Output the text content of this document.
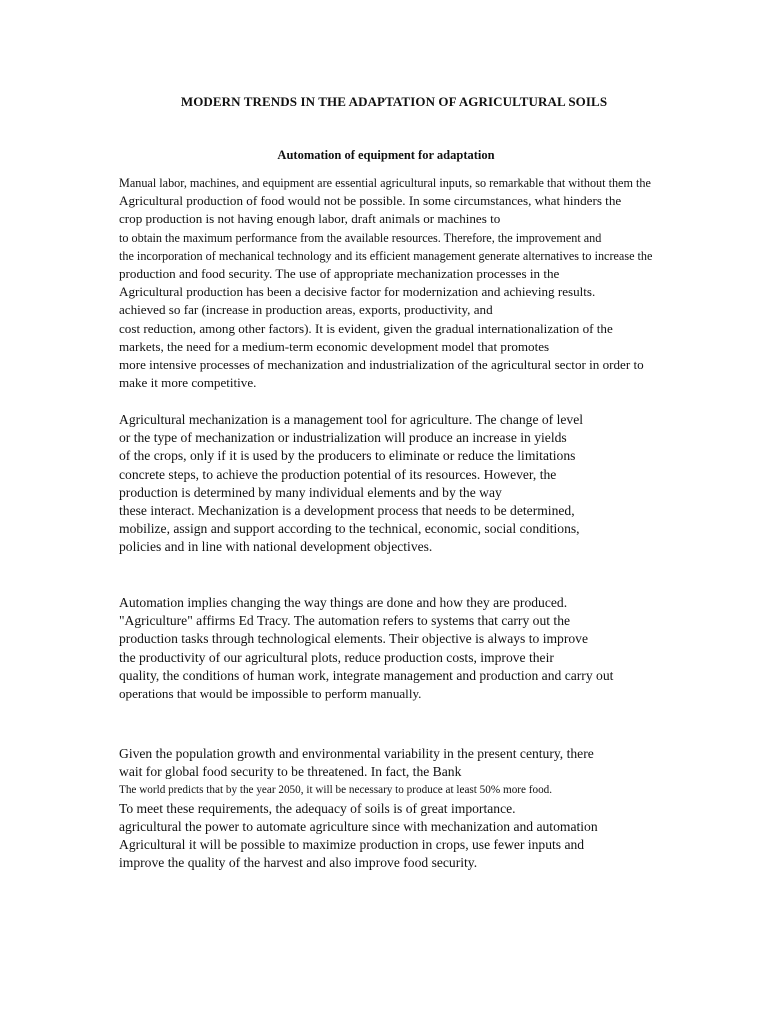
MODERN TRENDS IN THE ADAPTATION OF AGRICULTURAL SOILS
Automation of equipment for adaptation
Manual labor, machines, and equipment are essential agricultural inputs, so remarkable that without them the
Agricultural production of food would not be possible. In some circumstances, what hinders the
crop production is not having enough labor, draft animals or machines to
to obtain the maximum performance from the available resources. Therefore, the improvement and
the incorporation of mechanical technology and its efficient management generate alternatives to increase the
production and food security. The use of appropriate mechanization processes in the
Agricultural production has been a decisive factor for modernization and achieving results.
achieved so far (increase in production areas, exports, productivity, and
cost reduction, among other factors). It is evident, given the gradual internationalization of the
markets, the need for a medium-term economic development model that promotes
more intensive processes of mechanization and industrialization of the agricultural sector in order to
make it more competitive.
Agricultural mechanization is a management tool for agriculture. The change of level
or the type of mechanization or industrialization will produce an increase in yields
of the crops, only if it is used by the producers to eliminate or reduce the limitations
concrete steps, to achieve the production potential of its resources. However, the
production is determined by many individual elements and by the way
these interact. Mechanization is a development process that needs to be determined,
mobilize, assign and support according to the technical, economic, social conditions,
policies and in line with national development objectives.
Automation implies changing the way things are done and how they are produced.
"Agriculture" affirms Ed Tracy. The automation refers to systems that carry out the
production tasks through technological elements. Their objective is always to improve
the productivity of our agricultural plots, reduce production costs, improve their
quality, the conditions of human work, integrate management and production and carry out
operations that would be impossible to perform manually.
Given the population growth and environmental variability in the present century, there
wait for global food security to be threatened. In fact, the Bank
The world predicts that by the year 2050, it will be necessary to produce at least 50% more food.
To meet these requirements, the adequacy of soils is of great importance.
agricultural the power to automate agriculture since with mechanization and automation
Agricultural it will be possible to maximize production in crops, use fewer inputs and
improve the quality of the harvest and also improve food security.
